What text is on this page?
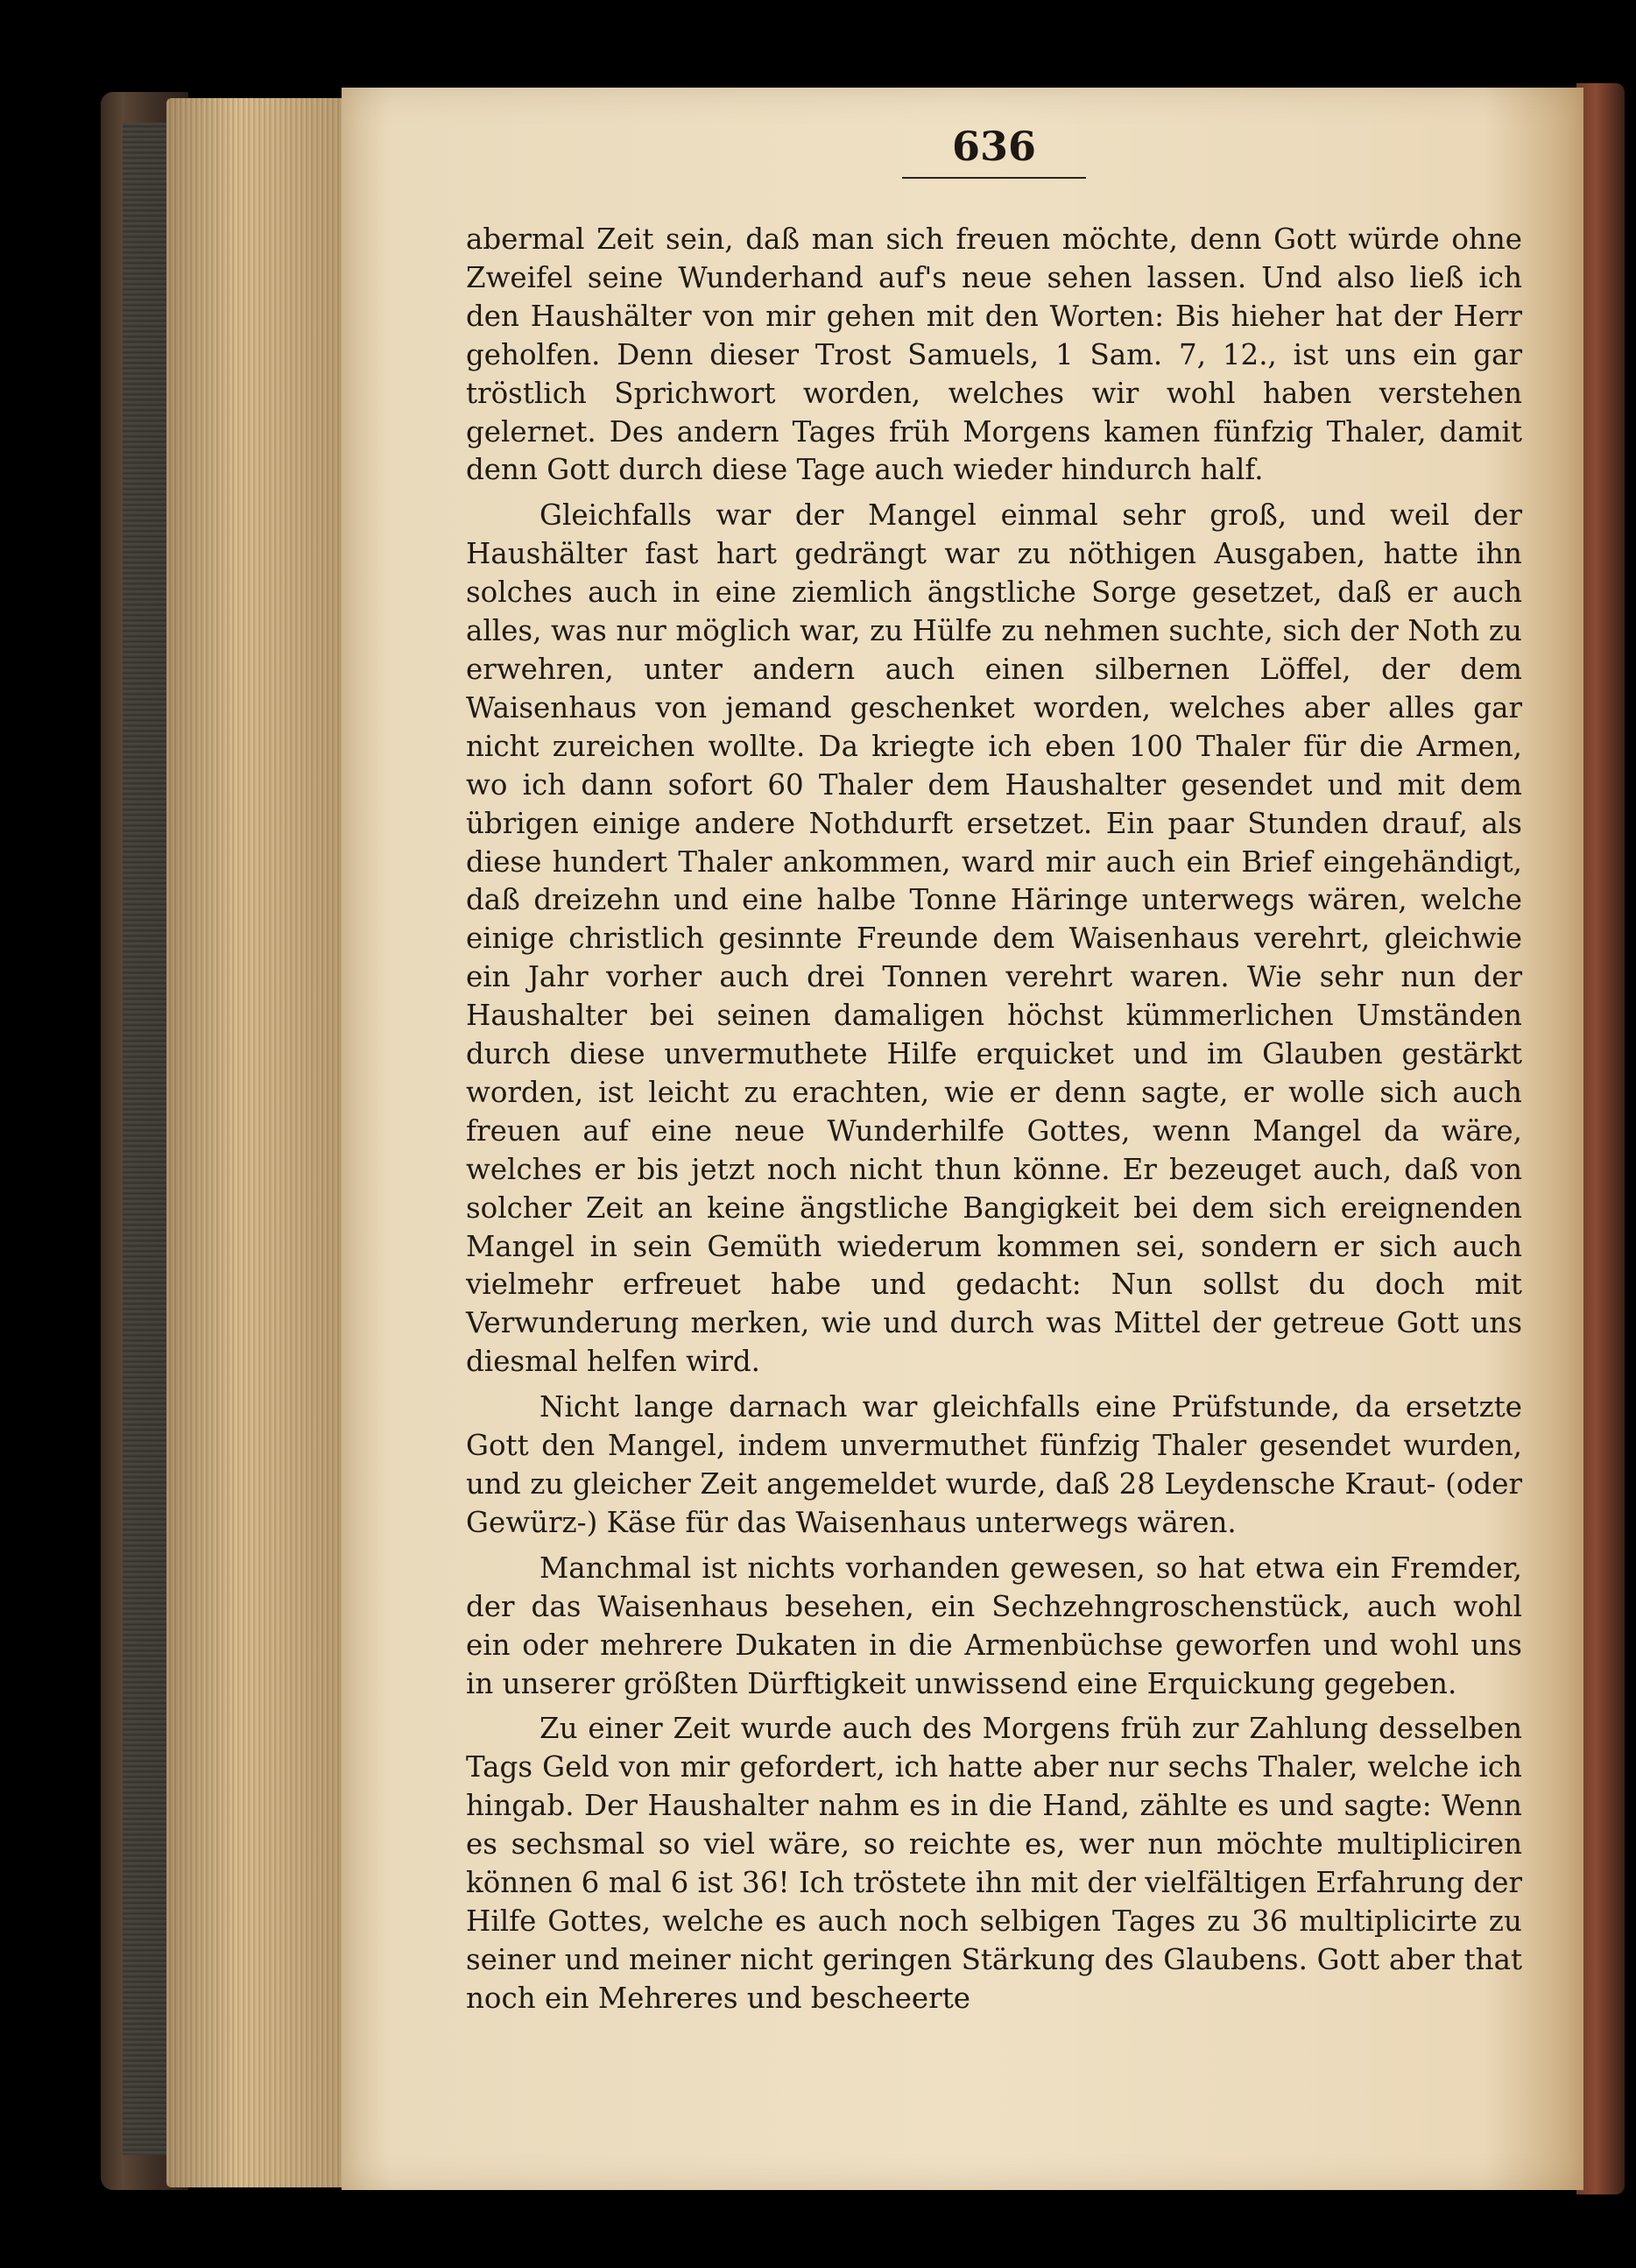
636

abermal Zeit sein, daß man sich freuen möchte, denn Gott würde ohne Zweifel seine Wunderhand auf's neue sehen lassen. Und also ließ ich den Haushälter von mir gehen mit den Worten: Bis hieher hat der Herr geholfen. Denn dieser Trost Samuels, 1 Sam. 7, 12., ist uns ein gar tröstlich Sprichwort worden, welches wir wohl haben verstehen gelernet. Des andern Tages früh Morgens kamen fünfzig Thaler, damit denn Gott durch diese Tage auch wieder hindurch half.

Gleichfalls war der Mangel einmal sehr groß, und weil der Haushälter fast hart gedrängt war zu nöthigen Ausgaben, hatte ihn solches auch in eine ziemlich ängstliche Sorge gesetzet, daß er auch alles, was nur möglich war, zu Hülfe zu nehmen suchte, sich der Noth zu erwehren, unter andern auch einen silbernen Löffel, der dem Waisenhaus von jemand geschenket worden, welches aber alles gar nicht zureichen wollte. Da kriegte ich eben 100 Thaler für die Armen, wo ich dann sofort 60 Thaler dem Haushalter gesendet und mit dem übrigen einige andere Nothdurft ersetzet. Ein paar Stunden drauf, als diese hundert Thaler ankommen, ward mir auch ein Brief eingehändigt, daß dreizehn und eine halbe Tonne Häringe unterwegs wären, welche einige christlich gesinnte Freunde dem Waisenhaus verehrt, gleichwie ein Jahr vorher auch drei Tonnen verehrt waren. Wie sehr nun der Haushalter bei seinen damaligen höchst kümmerlichen Umständen durch diese unvermuthete Hilfe erquicket und im Glauben gestärkt worden, ist leicht zu erachten, wie er denn sagte, er wolle sich auch freuen auf eine neue Wunderhilfe Gottes, wenn Mangel da wäre, welches er bis jetzt noch nicht thun könne. Er bezeuget auch, daß von solcher Zeit an keine ängstliche Bangigkeit bei dem sich ereignenden Mangel in sein Gemüth wiederum kommen sei, sondern er sich auch vielmehr erfreuet habe und gedacht: Nun sollst du doch mit Verwunderung merken, wie und durch was Mittel der getreue Gott uns diesmal helfen wird.

Nicht lange darnach war gleichfalls eine Prüfstunde, da ersetzte Gott den Mangel, indem unvermuthet fünfzig Thaler gesendet wurden, und zu gleicher Zeit angemeldet wurde, daß 28 Leydensche Kraut- (oder Gewürz-) Käse für das Waisenhaus unterwegs wären.

Manchmal ist nichts vorhanden gewesen, so hat etwa ein Fremder, der das Waisenhaus besehen, ein Sechzehngroschenstück, auch wohl ein oder mehrere Dukaten in die Armenbüchse geworfen und wohl uns in unserer größten Dürftigkeit unwissend eine Erquickung gegeben.

Zu einer Zeit wurde auch des Morgens früh zur Zahlung desselben Tags Geld von mir gefordert, ich hatte aber nur sechs Thaler, welche ich hingab. Der Haushalter nahm es in die Hand, zählte es und sagte: Wenn es sechsmal so viel wäre, so reichte es, wer nun möchte multipliciren können 6 mal 6 ist 36! Ich tröstete ihn mit der vielfältigen Erfahrung der Hilfe Gottes, welche es auch noch selbigen Tages zu 36 multiplicirte zu seiner und meiner nicht geringen Stärkung des Glaubens. Gott aber that noch ein Mehreres und bescheerte
